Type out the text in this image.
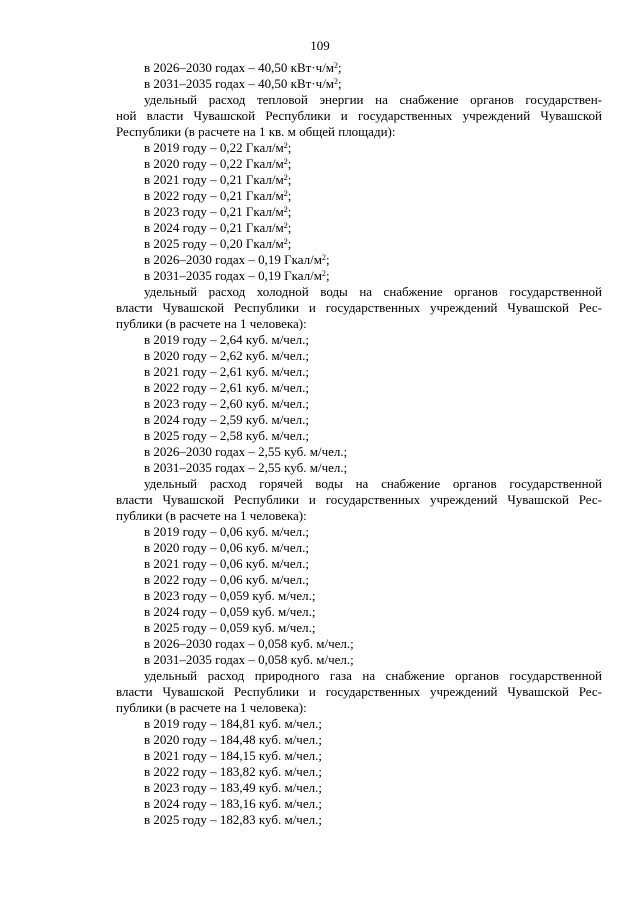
109
в 2026–2030 годах – 40,50 $кВт\cdot ч/м^2$;
в 2031–2035 годах – 40,50 $кВт\cdot ч/м^2$;
удельный расход тепловой энергии на снабжение органов государствен-
ной власти Чувашской Республики и государственных учреждений Чувашской
Республики (в расчете на 1 кв. м общей площади):
в 2019 году – 0,22 Гкал/$м^2$;
в 2020 году – 0,22 Гкал/$м^2$;
в 2021 году – 0,21 Гкал/$м^2$;
в 2022 году – 0,21 Гкал/$м^2$;
в 2023 году – 0,21 Гкал/$м^2$;
в 2024 году – 0,21 Гкал/$м^2$;
в 2025 году – 0,20 Гкал/$м^2$;
в 2026–2030 годах – 0,19 Гкал/$м^2$;
в 2031–2035 годах – 0,19 Гкал/$м^2$;
удельный расход холодной воды на снабжение органов государственной
власти Чувашской Республики и государственных учреждений Чувашской Рес-
публики (в расчете на 1 человека):
в 2019 году – 2,64 куб. м/чел.;
в 2020 году – 2,62 куб. м/чел.;
в 2021 году – 2,61 куб. м/чел.;
в 2022 году – 2,61 куб. м/чел.;
в 2023 году – 2,60 куб. м/чел.;
в 2024 году – 2,59 куб. м/чел.;
в 2025 году – 2,58 куб. м/чел.;
в 2026–2030 годах – 2,55 куб. м/чел.;
в 2031–2035 годах – 2,55 куб. м/чел.;
удельный расход горячей воды на снабжение органов государственной
власти Чувашской Республики и государственных учреждений Чувашской Рес-
публики (в расчете на 1 человека):
в 2019 году – 0,06 куб. м/чел.;
в 2020 году – 0,06 куб. м/чел.;
в 2021 году – 0,06 куб. м/чел.;
в 2022 году – 0,06 куб. м/чел.;
в 2023 году – 0,059 куб. м/чел.;
в 2024 году – 0,059 куб. м/чел.;
в 2025 году – 0,059 куб. м/чел.;
в 2026–2030 годах – 0,058 куб. м/чел.;
в 2031–2035 годах – 0,058 куб. м/чел.;
удельный расход природного газа на снабжение органов государственной
власти Чувашской Республики и государственных учреждений Чувашской Рес-
публики (в расчете на 1 человека):
в 2019 году – 184,81 куб. м/чел.;
в 2020 году – 184,48 куб. м/чел.;
в 2021 году – 184,15 куб. м/чел.;
в 2022 году – 183,82 куб. м/чел.;
в 2023 году – 183,49 куб. м/чел.;
в 2024 году – 183,16 куб. м/чел.;
в 2025 году – 182,83 куб. м/чел.;
